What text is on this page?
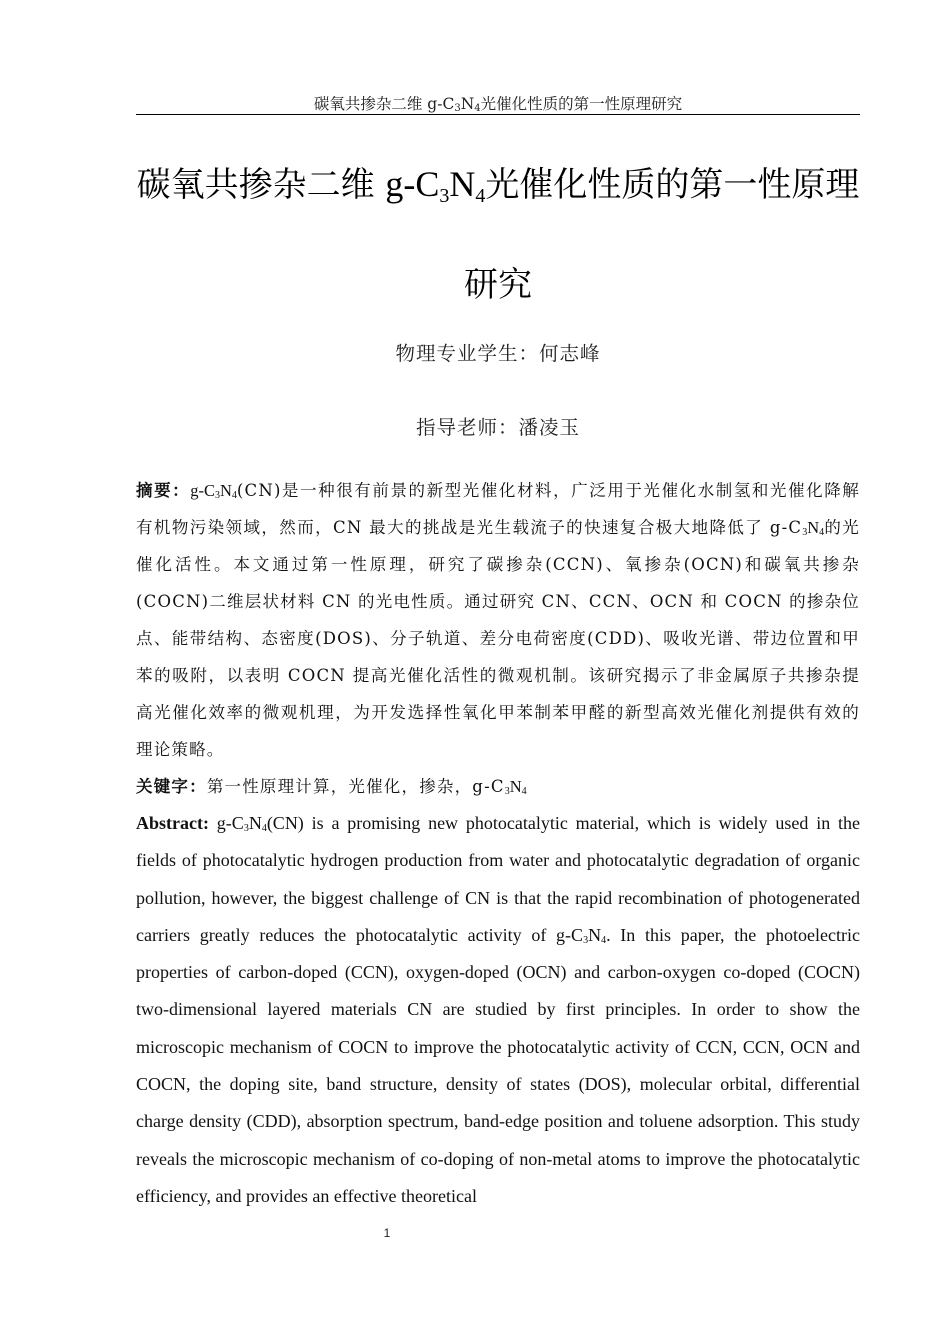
碳氧共掺杂二维 $g-C_3N_4$光催化性质的第一性原理研究
碳氧共掺杂二维 $g-C_3N_4$光催化性质的第一性原理研究
物理专业学生：何志峰
指导老师：潘凌玉

摘要：$g-C_3N_4(CN)$是一种很有前景的新型光催化材料，广泛用于光催化水制氢和光催化降解有机物污染领域，然而，CN 最大的挑战是光生载流子的快速复合极大地降低了 $g-C_3N_4$的光催化活性。本文通过第一性原理，研究了碳掺杂(CCN)、氧掺杂(OCN)和碳氧共掺杂(COCN)二维层状材料 CN 的光电性质。通过研究 CN、CCN、OCN 和 COCN 的掺杂位点、能带结构、态密度(DOS)、分子轨道、差分电荷密度(CDD)、吸收光谱、带边位置和甲苯的吸附，以表明 COCN 提高光催化活性的微观机制。该研究揭示了非金属原子共掺杂提高光催化效率的微观机理，为开发选择性氧化甲苯制苯甲醛的新型高效光催化剂提供有效的理论策略。

关键字：第一性原理计算，光催化，掺杂，$g-C_3N_4$

Abstract: $g-C_3N_4(CN)$ is a promising new photocatalytic material, which is widely used in the fields of photocatalytic hydrogen production from water and photocatalytic degradation of organic pollution, however, the biggest challenge of CN is that the rapid recombination of photogenerated carriers greatly reduces the photocatalytic activity of $g-C_3N_4$. In this paper, the photoelectric properties of carbon-doped (CCN), oxygen-doped (OCN) and carbon-oxygen co-doped (COCN) two-dimensional layered materials CN are studied by first principles. In order to show the microscopic mechanism of COCN to improve the photocatalytic activity of CCN, CCN, OCN and COCN, the doping site, band structure, density of states (DOS), molecular orbital, differential charge density (CDD), absorption spectrum, band-edge position and toluene adsorption. This study reveals the microscopic mechanism of co-doping of non-metal atoms to improve the photocatalytic efficiency, and provides an effective theoretical

1
